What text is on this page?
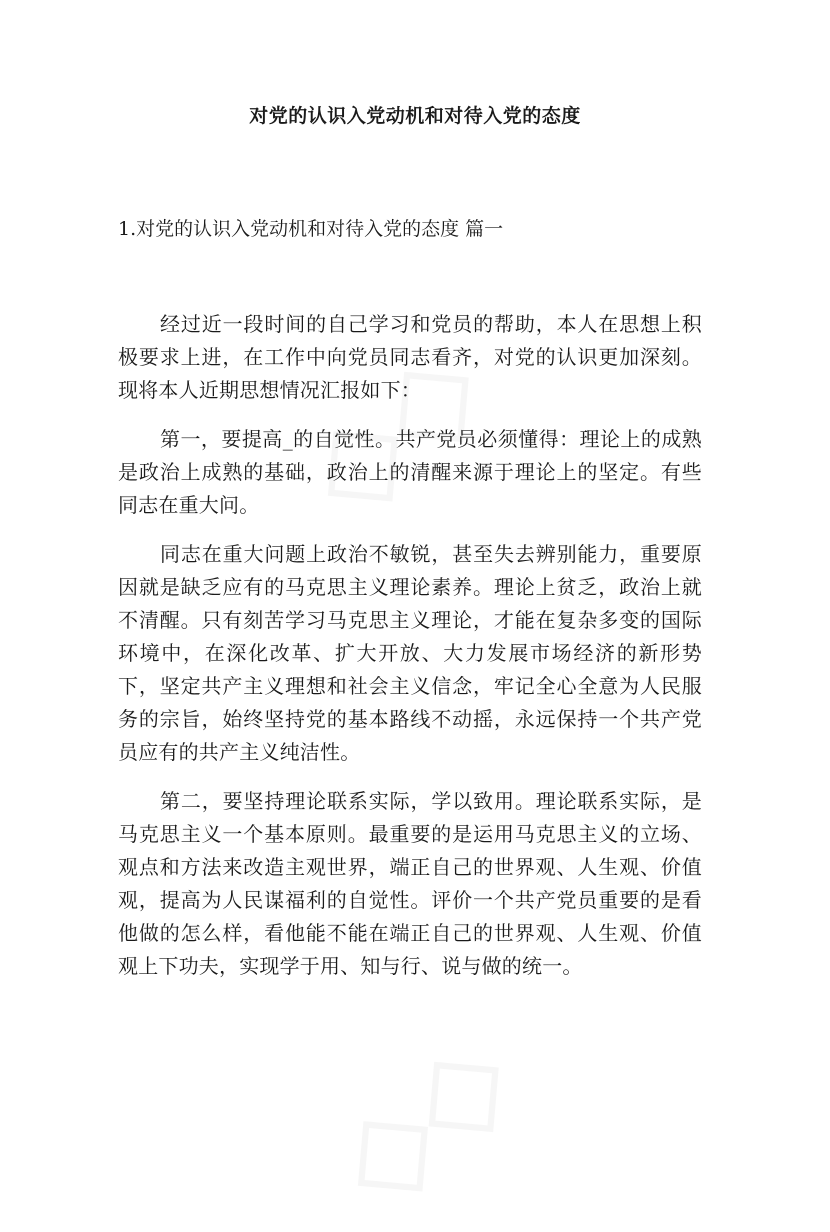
对党的认识入党动机和对待入党的态度
1.对党的认识入党动机和对待入党的态度 篇一

经过近一段时间的自己学习和党员的帮助，本人在思想上积极要求上进，在工作中向党员同志看齐，对党的认识更加深刻。现将本人近期思想情况汇报如下：

第一，要提高_的自觉性。共产党员必须懂得：理论上的成熟是政治上成熟的基础，政治上的清醒来源于理论上的坚定。有些同志在重大问。

同志在重大问题上政治不敏锐，甚至失去辨别能力，重要原因就是缺乏应有的马克思主义理论素养。理论上贫乏，政治上就不清醒。只有刻苦学习马克思主义理论，才能在复杂多变的国际环境中，在深化改革、扩大开放、大力发展市场经济的新形势下，坚定共产主义理想和社会主义信念，牢记全心全意为人民服务的宗旨，始终坚持党的基本路线不动摇，永远保持一个共产党员应有的共产主义纯洁性。

第二，要坚持理论联系实际，学以致用。理论联系实际，是马克思主义一个基本原则。最重要的是运用马克思主义的立场、观点和方法来改造主观世界，端正自己的世界观、人生观、价值观，提高为人民谋福利的自觉性。评价一个共产党员重要的是看他做的怎么样，看他能不能在端正自己的世界观、人生观、价值观上下功夫，实现学于用、知与行、说与做的统一。
